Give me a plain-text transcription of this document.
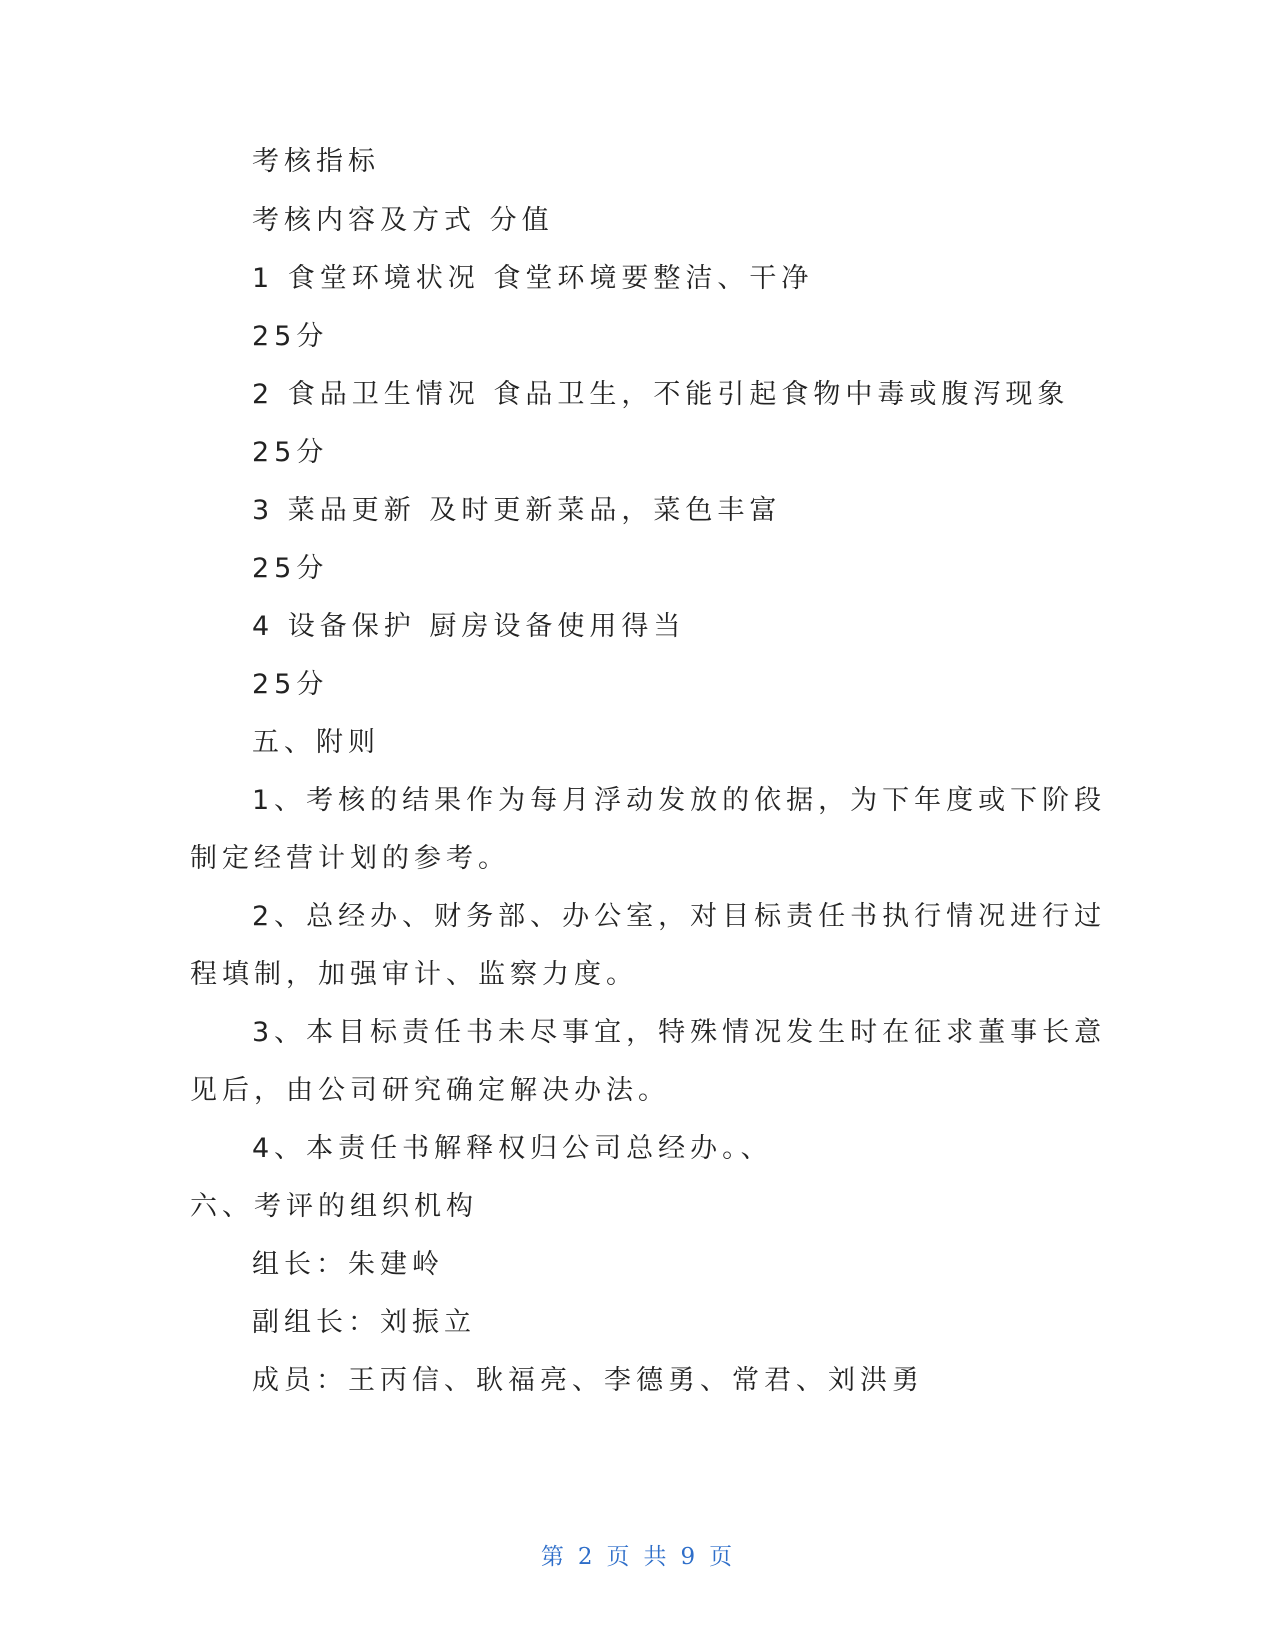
考核指标
考核内容及方式 分值
1 食堂环境状况 食堂环境要整洁、干净
25分
2 食品卫生情况 食品卫生，不能引起食物中毒或腹泻现象
25分
3 菜品更新 及时更新菜品，菜色丰富
25分
4 设备保护 厨房设备使用得当
25分
五、附则
1、考核的结果作为每月浮动发放的依据，为下年度或下阶段
制定经营计划的参考。
2、总经办、财务部、办公室，对目标责任书执行情况进行过
程填制，加强审计、监察力度。
3、本目标责任书未尽事宜，特殊情况发生时在征求董事长意
见后，由公司研究确定解决办法。
4、本责任书解释权归公司总经办。、
六、考评的组织机构
组长：朱建岭
副组长：刘振立
成员：王丙信、耿福亮、李德勇、常君、刘洪勇
第 2 页 共 9 页
